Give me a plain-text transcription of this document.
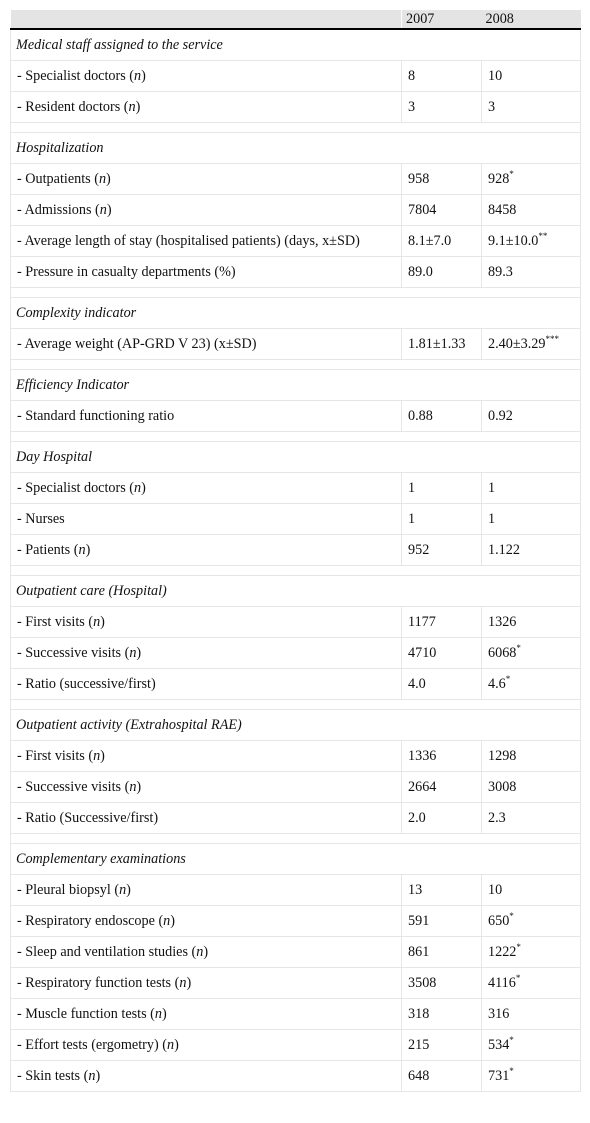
	2007	2008
Medical staff assigned to the service		
- Specialist doctors (n)	8	10
- Resident doctors (n)	3	3

Hospitalization		
- Outpatients (n)	958	928*
- Admissions (n)	7804	8458
- Average length of stay (hospitalised patients) (days, x±SD)	8.1±7.0	9.1±10.0**
- Pressure in casualty departments (%)	89.0	89.3

Complexity indicator		
- Average weight (AP-GRD V 23) (x±SD)	1.81±1.33	2.40±3.29***

Efficiency Indicator		
- Standard functioning ratio	0.88	0.92

Day Hospital		
- Specialist doctors (n)	1	1
- Nurses	1	1
- Patients (n)	952	1.122

Outpatient care (Hospital)		
- First visits (n)	1177	1326
- Successive visits (n)	4710	6068*
- Ratio (successive/first)	4.0	4.6*

Outpatient activity (Extrahospital RAE)		
- First visits (n)	1336	1298
- Successive visits (n)	2664	3008
- Ratio (Successive/first)	2.0	2.3

Complementary examinations		
- Pleural biopsyl (n)	13	10
- Respiratory endoscope (n)	591	650*
- Sleep and ventilation studies (n)	861	1222*
- Respiratory function tests (n)	3508	4116*
- Muscle function tests (n)	318	316
- Effort tests (ergometry) (n)	215	534*
- Skin tests (n)	648	731*
